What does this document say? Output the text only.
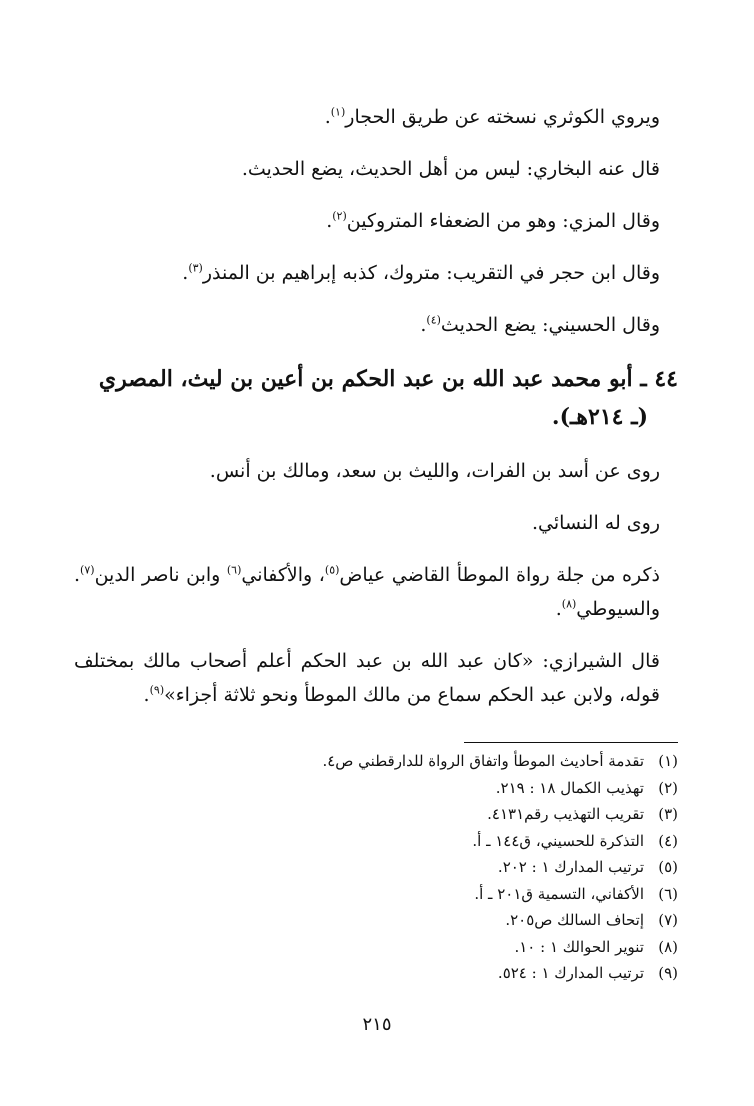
ويروي الكوثري نسخته عن طريق الحجار$^{(١)}$.

قال عنه البخاري: ليس من أهل الحديث، يضع الحديث.

وقال المزي: وهو من الضعفاء المتروكين$^{(٢)}$.

وقال ابن حجر في التقريب: متروك، كذبه إبراهيم بن المنذر$^{(٣)}$.

وقال الحسيني: يضع الحديث$^{(٤)}$.

٤٤ ـ أبو محمد عبد الله بن عبد الحكم بن أعين بن ليث، المصري
(ـ ٢١٤هـ).

روى عن أسد بن الفرات، والليث بن سعد، ومالك بن أنس.

روى له النسائي.

ذكره من جلة رواة الموطأ القاضي عياض$^{(٥)}$، والأكفاني$^{(٦)}$ وابن ناصر الدين$^{(٧)}$. والسيوطي$^{(٨)}$.

قال الشيرازي: «كان عبد الله بن عبد الحكم أعلم أصحاب مالك بمختلف قوله، ولابن عبد الحكم سماع من مالك الموطأ ونحو ثلاثة أجزاء»$^{(٩)}$.

(١)
تقدمة أحاديث الموطأ واتفاق الرواة للدارقطني ص٤.
(٢)
تهذيب الكمال ١٨ : ٢١٩.
(٣)
تقريب التهذيب رقم٤١٣١.
(٤)
التذكرة للحسيني، ق١٤٤ ـ أ.
(٥)
ترتيب المدارك ١ : ٢٠٢.
(٦)
الأكفاني، التسمية ق٢٠١ ـ أ.
(٧)
إتحاف السالك ص٢٠٥.
(٨)
تنوير الحوالك ١ : ١٠.
(٩)
ترتيب المدارك ١ : ٥٢٤.
٢١٥
